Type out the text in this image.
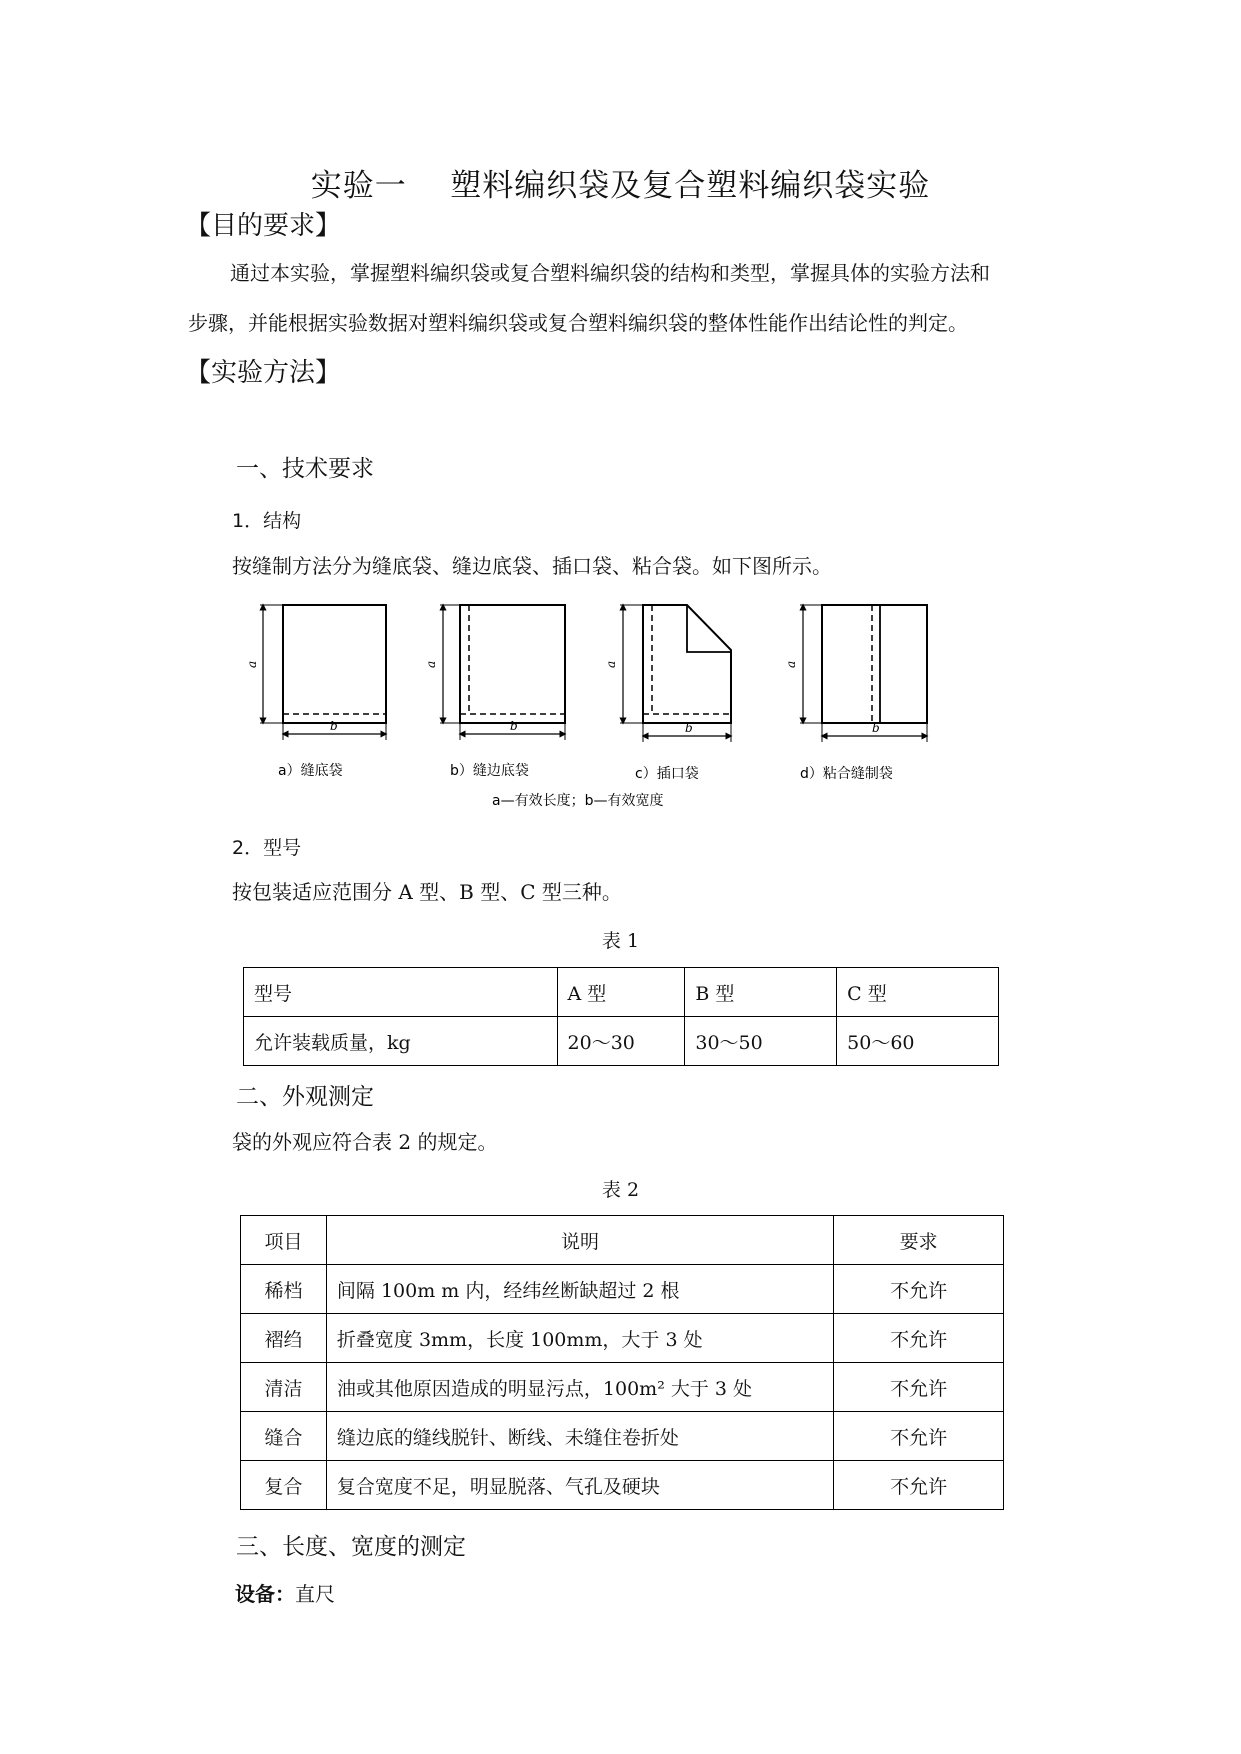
实验一    塑料编织袋及复合塑料编织袋实验
【目的要求】
通过本实验，掌握塑料编织袋或复合塑料编织袋的结构和类型，掌握具体的实验方法和
步骤，并能根据实验数据对塑料编织袋或复合塑料编织袋的整体性能作出结论性的判定。
【实验方法】
一、技术要求
1．结构
按缝制方法分为缝底袋、缝边底袋、插口袋、粘合袋。如下图所示。
a
b
a
b
a
b
a
b
a）缝底袋	b）缝边底袋	c）插口袋	d）粘合缝制袋
a—有效长度；b—有效宽度
2．型号
按包装适应范围分 A 型、B 型、C 型三种。
表 1
型号	A 型	B 型	C 型
允许装载质量，kg	20～30	30～50	50～60
二、外观测定
袋的外观应符合表 2 的规定。
表 2
项目	说明	要求
稀档	间隔 100m m 内，经纬丝断缺超过 2 根	不允许
褶绉	折叠宽度 3mm，长度 100mm，大于 3 处	不允许
清洁	油或其他原因造成的明显污点，100m² 大于 3 处	不允许
缝合	缝边底的缝线脱针、断线、未缝住卷折处	不允许
复合	复合宽度不足，明显脱落、气孔及硬块	不允许
三、长度、宽度的测定
设备：直尺
